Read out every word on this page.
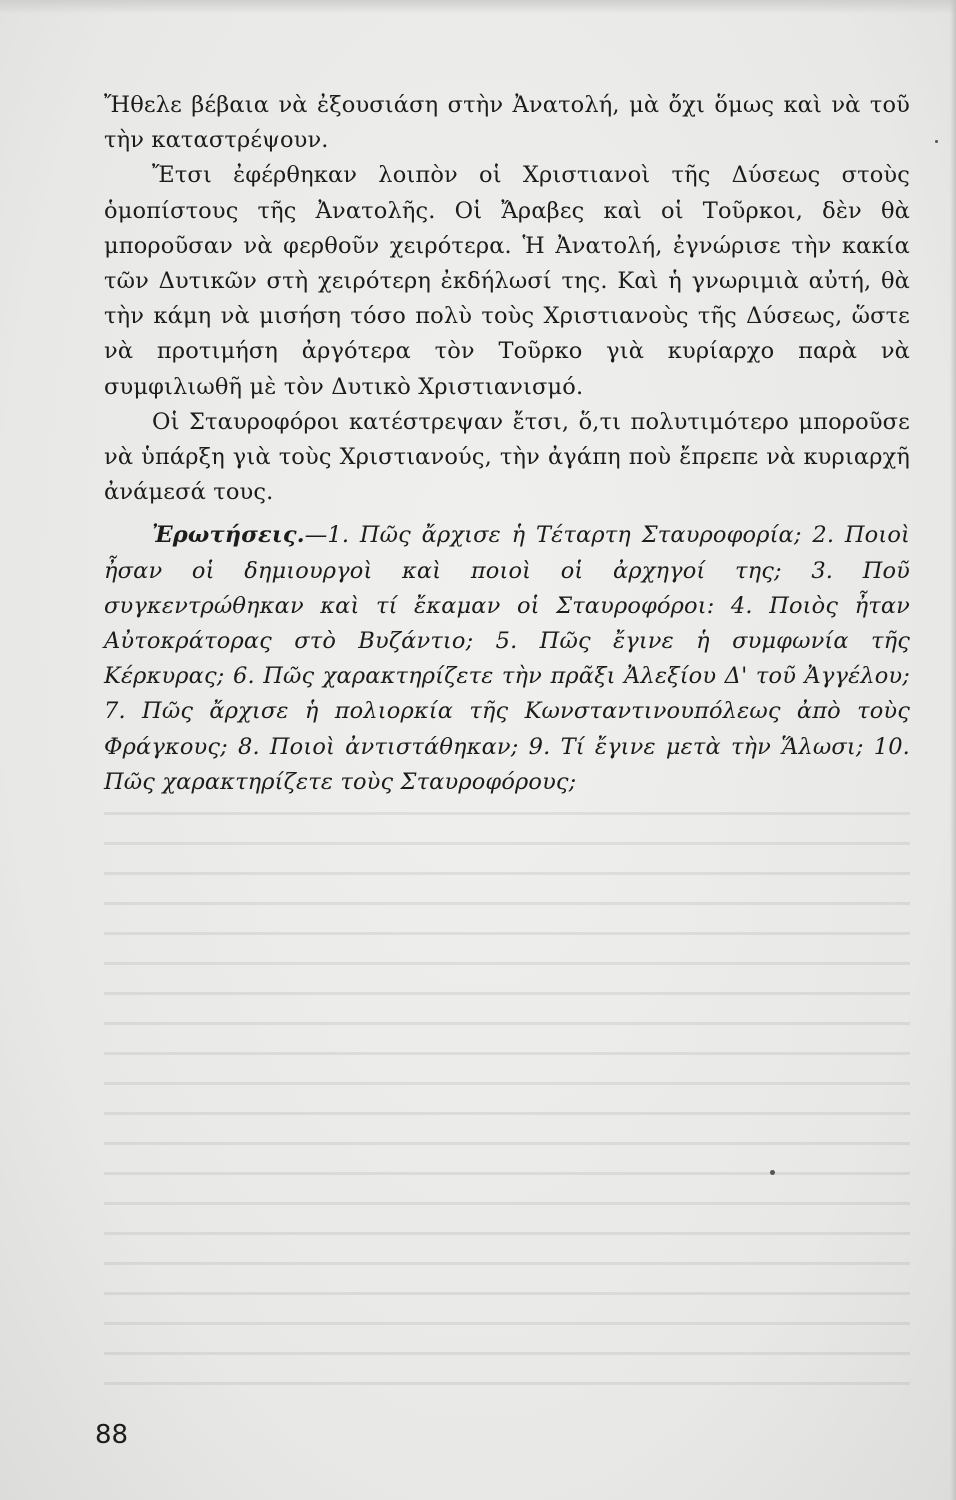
Ἤθελε βέβαια νὰ ἐξουσιάση στὴν Ἀνατολή, μὰ ὄχι ὅμως καὶ νὰ τοῦ τὴν καταστρέψουν.

Ἔτσι ἐφέρθηκαν λοιπὸν οἱ Χριστιανοὶ τῆς Δύσεως στοὺς ὁμοπίστους τῆς Ἀνατολῆς. Οἱ Ἄραβες καὶ οἱ Τοῦρκοι, δὲν θὰ μποροῦσαν νὰ φερθοῦν χειρότερα. Ἡ Ἀνατολή, ἐγνώρισε τὴν κακία τῶν Δυτικῶν στὴ χειρότερη ἐκδήλωσί της. Καὶ ἡ γνωριμιὰ αὐτή, θὰ τὴν κάμη νὰ μισήση τόσο πολὺ τοὺς Χριστιανοὺς τῆς Δύσεως, ὥστε νὰ προτιμήση ἀργότερα τὸν Τοῦρκο γιὰ κυρίαρχο παρὰ νὰ συμφιλιωθῆ μὲ τὸν Δυτικὸ Χριστιανισμό.

Οἱ Σταυροφόροι κατέστρεψαν ἔτσι, ὅ,τι πολυτιμότερο μποροῦσε νὰ ὑπάρξη γιὰ τοὺς Χριστιανούς, τὴν ἀγάπη ποὺ ἔπρεπε νὰ κυριαρχῆ ἀνάμεσά τους.

Ἐρωτήσεις.—1. Πῶς ἄρχισε ἡ Τέταρτη Σταυροφορία; 2. Ποιοὶ ἦσαν οἱ δημιουργοὶ καὶ ποιοὶ οἱ ἀρχηγοί της; 3. Ποῦ συγκεντρώθηκαν καὶ τί ἔκαμαν οἱ Σταυροφόροι: 4. Ποιὸς ἦταν Αὐτοκράτορας στὸ Βυζάντιο; 5. Πῶς ἔγινε ἡ συμφωνία τῆς Κέρκυρας; 6. Πῶς χαρακτηρίζετε τὴν πρᾶξι Ἀλεξίου Δ' τοῦ Ἀγγέλου; 7. Πῶς ἄρχισε ἡ πολιορκία τῆς Κωνσταντινουπόλεως ἀπὸ τοὺς Φράγκους; 8. Ποιοὶ ἀντιστάθηκαν; 9. Τί ἔγινε μετὰ τὴν Ἅλωσι; 10. Πῶς χαρακτηρίζετε τοὺς Σταυροφόρους;

88
